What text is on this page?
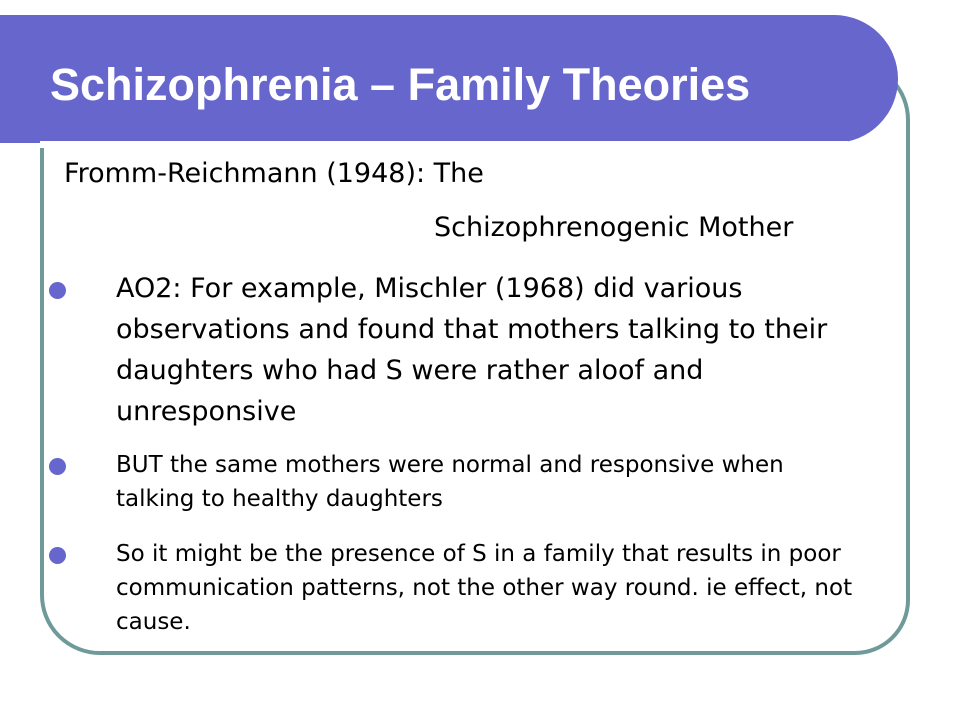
Schizophrenia – Family Theories
Fromm-Reichmann (1948): The
Schizophrenogenic Mother

AO2: For example, Mischler (1968) did various observations and found that mothers talking to their daughters who had S were rather aloof and unresponsive

BUT the same mothers were normal and responsive when talking to healthy daughters

So it might be the presence of S in a family that results in poor communication patterns, not the other way round. ie effect, not cause.
